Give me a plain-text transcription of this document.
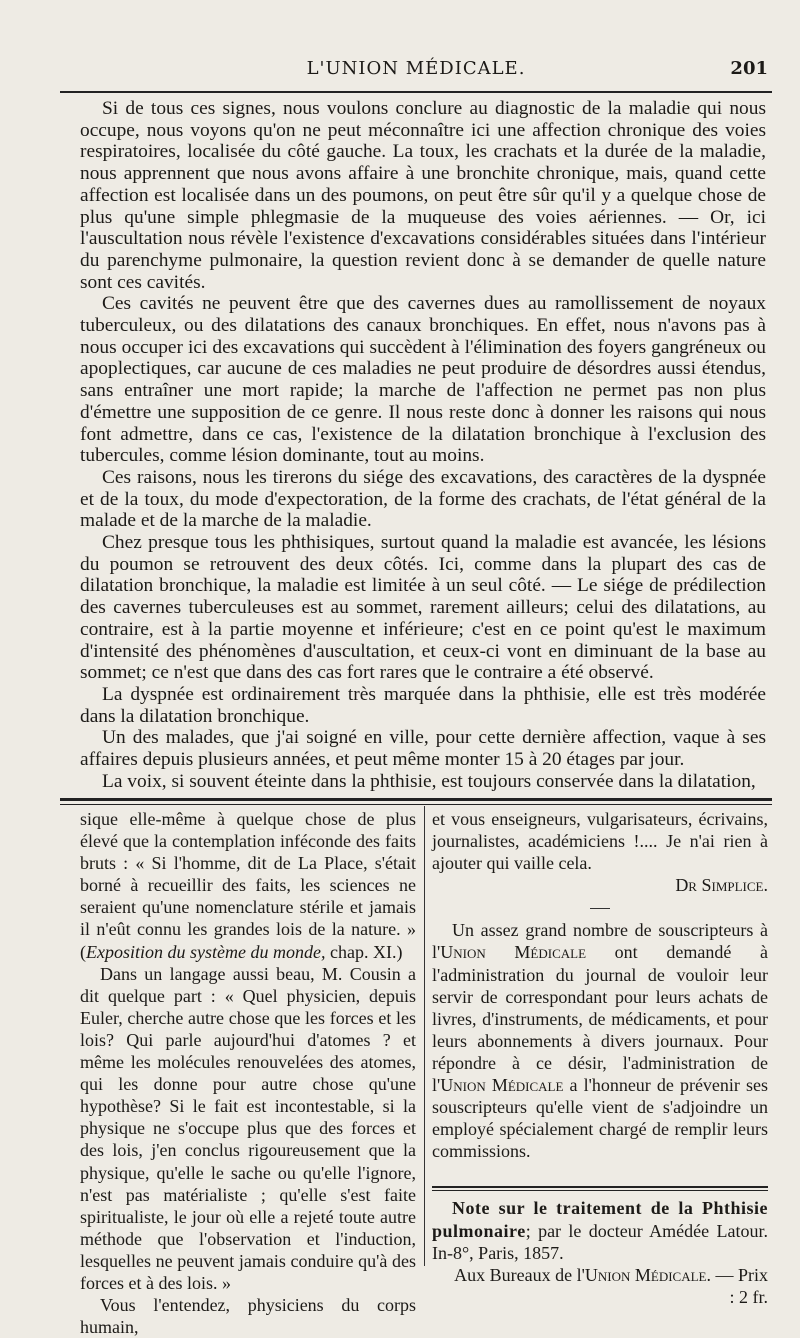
L'UNION MÉDICALE.	201

Si de tous ces signes, nous voulons conclure au diagnostic de la maladie qui nous occupe, nous voyons qu'on ne peut méconnaître ici une affection chronique des voies respiratoires, localisée du côté gauche. La toux, les crachats et la durée de la maladie, nous apprennent que nous avons affaire à une bronchite chronique, mais, quand cette affection est localisée dans un des poumons, on peut être sûr qu'il y a quelque chose de plus qu'une simple phlegmasie de la muqueuse des voies aériennes. — Or, ici l'auscultation nous révèle l'existence d'excavations considérables situées dans l'intérieur du parenchyme pulmonaire, la question revient donc à se demander de quelle nature sont ces cavités.

Ces cavités ne peuvent être que des cavernes dues au ramollissement de noyaux tuberculeux, ou des dilatations des canaux bronchiques. En effet, nous n'avons pas à nous occuper ici des excavations qui succèdent à l'élimination des foyers gangréneux ou apoplectiques, car aucune de ces maladies ne peut produire de désordres aussi étendus, sans entraîner une mort rapide; la marche de l'affection ne permet pas non plus d'émettre une supposition de ce genre. Il nous reste donc à donner les raisons qui nous font admettre, dans ce cas, l'existence de la dilatation bronchique à l'exclusion des tubercules, comme lésion dominante, tout au moins.

Ces raisons, nous les tirerons du siége des excavations, des caractères de la dyspnée et de la toux, du mode d'expectoration, de la forme des crachats, de l'état général de la malade et de la marche de la maladie.

Chez presque tous les phthisiques, surtout quand la maladie est avancée, les lésions du poumon se retrouvent des deux côtés. Ici, comme dans la plupart des cas de dilatation bronchique, la maladie est limitée à un seul côté. — Le siége de prédilection des cavernes tuberculeuses est au sommet, rarement ailleurs; celui des dilatations, au contraire, est à la partie moyenne et inférieure; c'est en ce point qu'est le maximum d'intensité des phénomènes d'auscultation, et ceux-ci vont en diminuant de la base au sommet; ce n'est que dans des cas fort rares que le contraire a été observé.

La dyspnée est ordinairement très marquée dans la phthisie, elle est très modérée dans la dilatation bronchique.

Un des malades, que j'ai soigné en ville, pour cette dernière affection, vaque à ses affaires depuis plusieurs années, et peut même monter 15 à 20 étages par jour.

La voix, si souvent éteinte dans la phthisie, est toujours conservée dans la dilatation,

sique elle-même à quelque chose de plus élevé que la contemplation inféconde des faits bruts : « Si l'homme, dit de La Place, s'était borné à recueillir des faits, les sciences ne seraient qu'une nomenclature stérile et jamais il n'eût connu les grandes lois de la nature. » (Exposition du système du monde, chap. XI.)

Dans un langage aussi beau, M. Cousin a dit quelque part : « Quel physicien, depuis Euler, cherche autre chose que les forces et les lois? Qui parle aujourd'hui d'atomes ? et même les molécules renouvelées des atomes, qui les donne pour autre chose qu'une hypothèse? Si le fait est incontestable, si la physique ne s'occupe plus que des forces et des lois, j'en conclus rigoureusement que la physique, qu'elle le sache ou qu'elle l'ignore, n'est pas matérialiste ; qu'elle s'est faite spiritualiste, le jour où elle a rejeté toute autre méthode que l'observation et l'induction, lesquelles ne peuvent jamais conduire qu'à des forces et à des lois. »

Vous l'entendez, physiciens du corps humain,

et vous enseigneurs, vulgarisateurs, écrivains, journalistes, académiciens !.... Je n'ai rien à ajouter qui vaille cela.

Dr Simplice.

Un assez grand nombre de souscripteurs à l'Union Médicale ont demandé à l'administration du journal de vouloir leur servir de correspondant pour leurs achats de livres, d'instruments, de médicaments, et pour leurs abonnements à divers journaux. Pour répondre à ce désir, l'administration de l'Union Médicale a l'honneur de prévenir ses souscripteurs qu'elle vient de s'adjoindre un employé spécialement chargé de remplir leurs commissions.

Note sur le traitement de la Phthisie pulmonaire; par le docteur Amédée Latour. In-8°, Paris, 1857.

Aux Bureaux de l'Union Médicale. — Prix : 2 fr.
